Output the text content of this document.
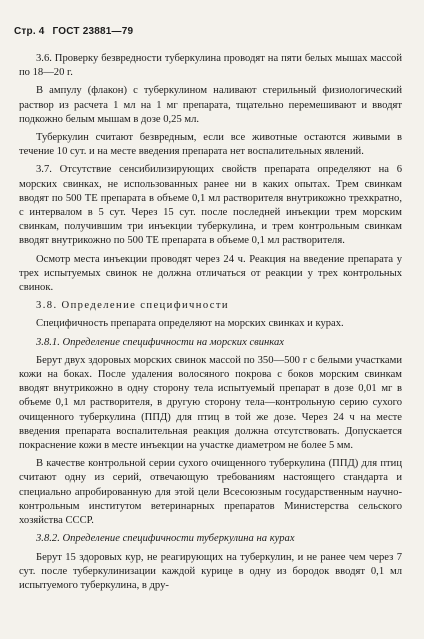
Стр. 4 ГОСТ 23881—79

3.6. Проверку безвредности туберкулина проводят на пяти белых мышах массой по 18—20 г.

В ампулу (флакон) с туберкулином наливают стерильный физиологический раствор из расчета 1 мл на 1 мг препарата, тщательно перемешивают и вводят подкожно белым мышам в дозе 0,25 мл.

Туберкулин считают безвредным, если все животные остаются живыми в течение 10 сут. и на месте введения препарата нет воспалительных явлений.

3.7. Отсутствие сенсибилизирующих свойств препарата определяют на 6 морских свинках, не использованных ранее ни в каких опытах. Трем свинкам вводят по 500 ТЕ препарата в объеме 0,1 мл растворителя внутрикожно трехкратно, с интервалом в 5 сут. Через 15 сут. после последней инъекции трем морским свинкам, получившим три инъекции туберкулина, и трем контрольным свинкам вводят внутрикожно по 500 ТЕ препарата в объеме 0,1 мл растворителя.

Осмотр места инъекции проводят через 24 ч. Реакция на введение препарата у трех испытуемых свинок не должна отличаться от реакции у трех контрольных свинок.

3.8. Определение специфичности

Специфичность препарата определяют на морских свинках и курах.

3.8.1. Определение специфичности на морских свинках

Берут двух здоровых морских свинок массой по 350—500 г с белыми участками кожи на боках. После удаления волосяного покрова с боков морским свинкам вводят внутрикожно в одну сторону тела испытуемый препарат в дозе 0,01 мг в объеме 0,1 мл растворителя, в другую сторону тела—контрольную серию сухого очищенного туберкулина (ППД) для птиц в той же дозе. Через 24 ч на месте введения препарата воспалительная реакция должна отсутствовать. Допускается покраснение кожи в месте инъекции на участке диаметром не более 5 мм.

В качестве контрольной серии сухого очищенного туберкулина (ППД) для птиц считают одну из серий, отвечающую требованиям настоящего стандарта и специально апробированную для этой цели Всесоюзным государственным научно-контрольным институтом ветеринарных препаратов Министерства сельского хозяйства СССР.

3.8.2. Определение специфичности туберкулина на курах

Берут 15 здоровых кур, не реагирующих на туберкулин, и не ранее чем через 7 сут. после туберкулинизации каждой курице в одну из бородок вводят 0,1 мл испытуемого туберкулина, в дру-
